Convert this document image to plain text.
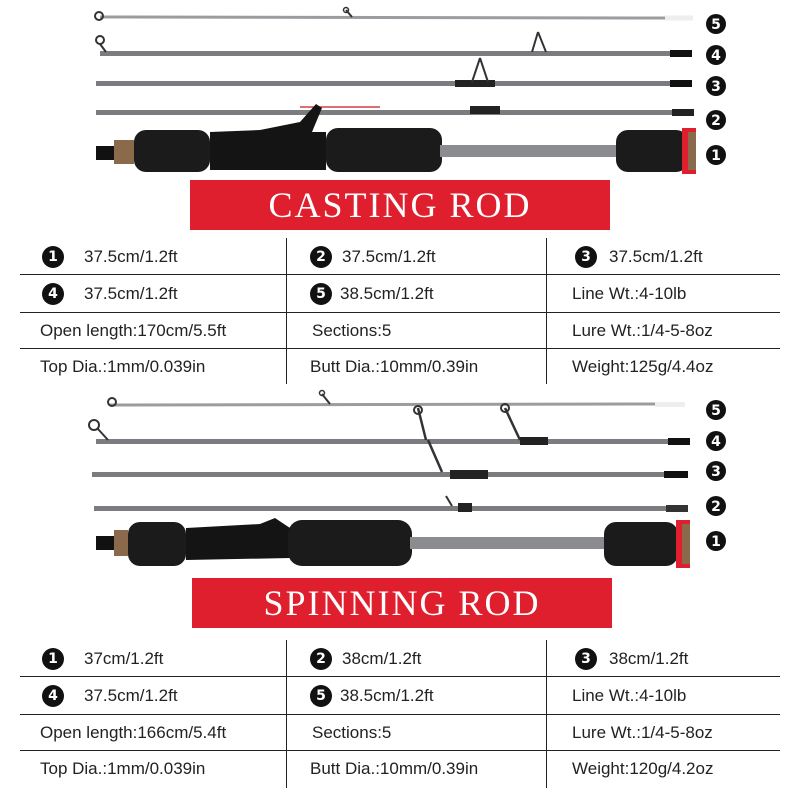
5
4
3
2
1
CASTING ROD
1	37.5cm/1.2ft	2 37.5cm/1.2ft	3	37.5cm/1.2ft
4	37.5cm/1.2ft	5 38.5cm/1.2ft	Line Wt.:4-10lb
Open length:170cm/5.5ft	Sections:5	Lure Wt.:1/4-5-8oz
Top Dia.:1mm/0.039in	Butt Dia.:10mm/0.39in	Weight:125g/4.4oz
5
4
3
2
1
SPINNING ROD
1	37cm/1.2ft	2 38cm/1.2ft	3	38cm/1.2ft
4	37.5cm/1.2ft	5 38.5cm/1.2ft	Line Wt.:4-10lb
Open length:166cm/5.4ft	Sections:5	Lure Wt.:1/4-5-8oz
Top Dia.:1mm/0.039in	Butt Dia.:10mm/0.39in	Weight:120g/4.2oz
